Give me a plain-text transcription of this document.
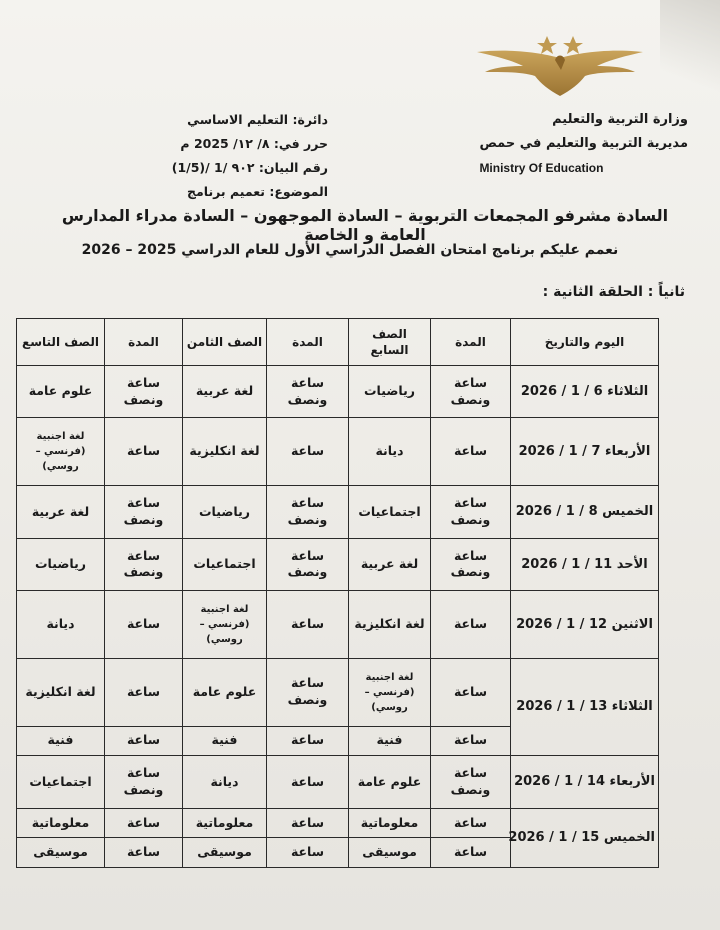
وزارة التربية والتعليم
مديرية التربية والتعليم في حمص
Ministry Of Education
دائرة: التعليم الاساسي
حرر في: ٨/ ١٢/ 2025 م
رقم البيان: ٩٠٢ /1 /(1/5)
الموضوع: تعميم برنامج
السادة مشرفو المجمعات التربوية – السادة الموجهون – السادة مدراء المدارس العامة و الخاصة
نعمم عليكم برنامج امتحان الفصل الدراسي الأول للعام الدراسي 2025 – 2026
ثانياً : الحلقة الثانية :
اليوم والتاريخ	المدة	الصف السابع	المدة	الصف الثامن	المدة	الصف التاسع
الثلاثاء 6 / 1 / 2026	ساعة ونصف	رياضيات	ساعة ونصف	لغة عربية	ساعة ونصف	علوم عامة
الأربعاء 7 / 1 / 2026	ساعة	ديانة	ساعة	لغة انكليزية	ساعة	لغة اجنبية (فرنسي – روسي)
الخميس 8 / 1 / 2026	ساعة ونصف	اجتماعيات	ساعة ونصف	رياضيات	ساعة ونصف	لغة عربية
الأحد 11 / 1 / 2026	ساعة ونصف	لغة عربية	ساعة ونصف	اجتماعيات	ساعة ونصف	رياضيات
الاثنين 12 / 1 / 2026	ساعة	لغة انكليزية	ساعة	لغة اجنبية (فرنسي – روسي)	ساعة	ديانة
الثلاثاء 13 / 1 / 2026	ساعة	لغة اجنبية (فرنسي – روسي)	ساعة ونصف	علوم عامة	ساعة	لغة انكليزية
	ساعة	فنية	ساعة	فنية	ساعة	فنية
الأربعاء 14 / 1 / 2026	ساعة ونصف	علوم عامة	ساعة	ديانة	ساعة ونصف	اجتماعيات
الخميس 15 / 1 / 2026	ساعة	معلوماتية	ساعة	معلوماتية	ساعة	معلوماتية
	ساعة	موسيقى	ساعة	موسيقى	ساعة	موسيقى
